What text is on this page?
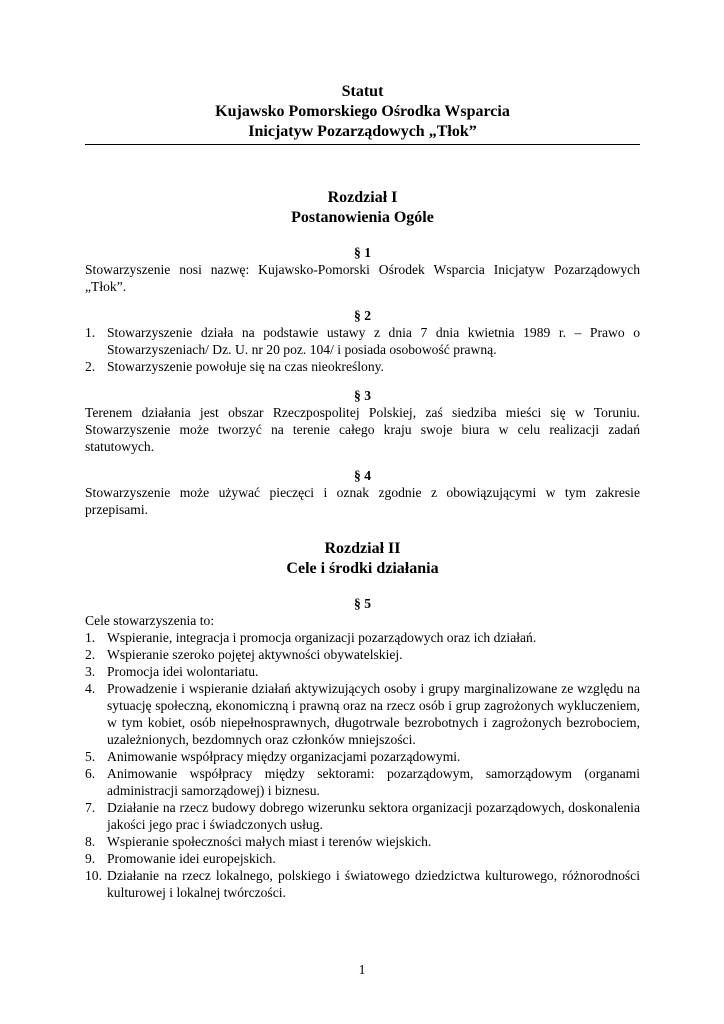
Statut
Kujawsko Pomorskiego Ośrodka Wsparcia
Inicjatyw Pozarządowych „Tłok”
Rozdział I
Postanowienia Ogóle
§ 1
Stowarzyszenie nosi nazwę: Kujawsko-Pomorski Ośrodek Wsparcia Inicjatyw Pozarządowych „Tłok”.
§ 2
1. Stowarzyszenie działa na podstawie ustawy z dnia 7 dnia kwietnia 1989 r. – Prawo o Stowarzyszeniach/ Dz. U. nr 20 poz. 104/ i posiada osobowość prawną.
2. Stowarzyszenie powołuje się na czas nieokreślony.
§ 3
Terenem działania jest obszar Rzeczpospolitej Polskiej, zaś siedziba mieści się w Toruniu. Stowarzyszenie może tworzyć na terenie całego kraju swoje biura w celu realizacji zadań statutowych.
§ 4
Stowarzyszenie może używać pieczęci i oznak zgodnie z obowiązującymi w tym zakresie przepisami.
Rozdział II
Cele i środki działania
§ 5
Cele stowarzyszenia to:
1. Wspieranie, integracja i promocja organizacji pozarządowych oraz ich działań.
2. Wspieranie szeroko pojętej aktywności obywatelskiej.
3. Promocja idei wolontariatu.
4. Prowadzenie i wspieranie działań aktywizujących osoby i grupy marginalizowane ze względu na sytuację społeczną, ekonomiczną i prawną oraz na rzecz osób i grup zagrożonych wykluczeniem, w tym kobiet, osób niepełnosprawnych, długotrwale bezrobotnych i zagrożonych bezrobociem, uzależnionych, bezdomnych oraz członków mniejszości.
5. Animowanie współpracy między organizacjami pozarządowymi.
6. Animowanie współpracy między sektorami: pozarządowym, samorządowym (organami administracji samorządowej) i biznesu.
7. Działanie na rzecz budowy dobrego wizerunku sektora organizacji pozarządowych, doskonalenia jakości jego prac i świadczonych usług.
8. Wspieranie społeczności małych miast i terenów wiejskich.
9. Promowanie idei europejskich.
10. Działanie na rzecz lokalnego, polskiego i światowego dziedzictwa kulturowego, różnorodności kulturowej i lokalnej twórczości.
1
